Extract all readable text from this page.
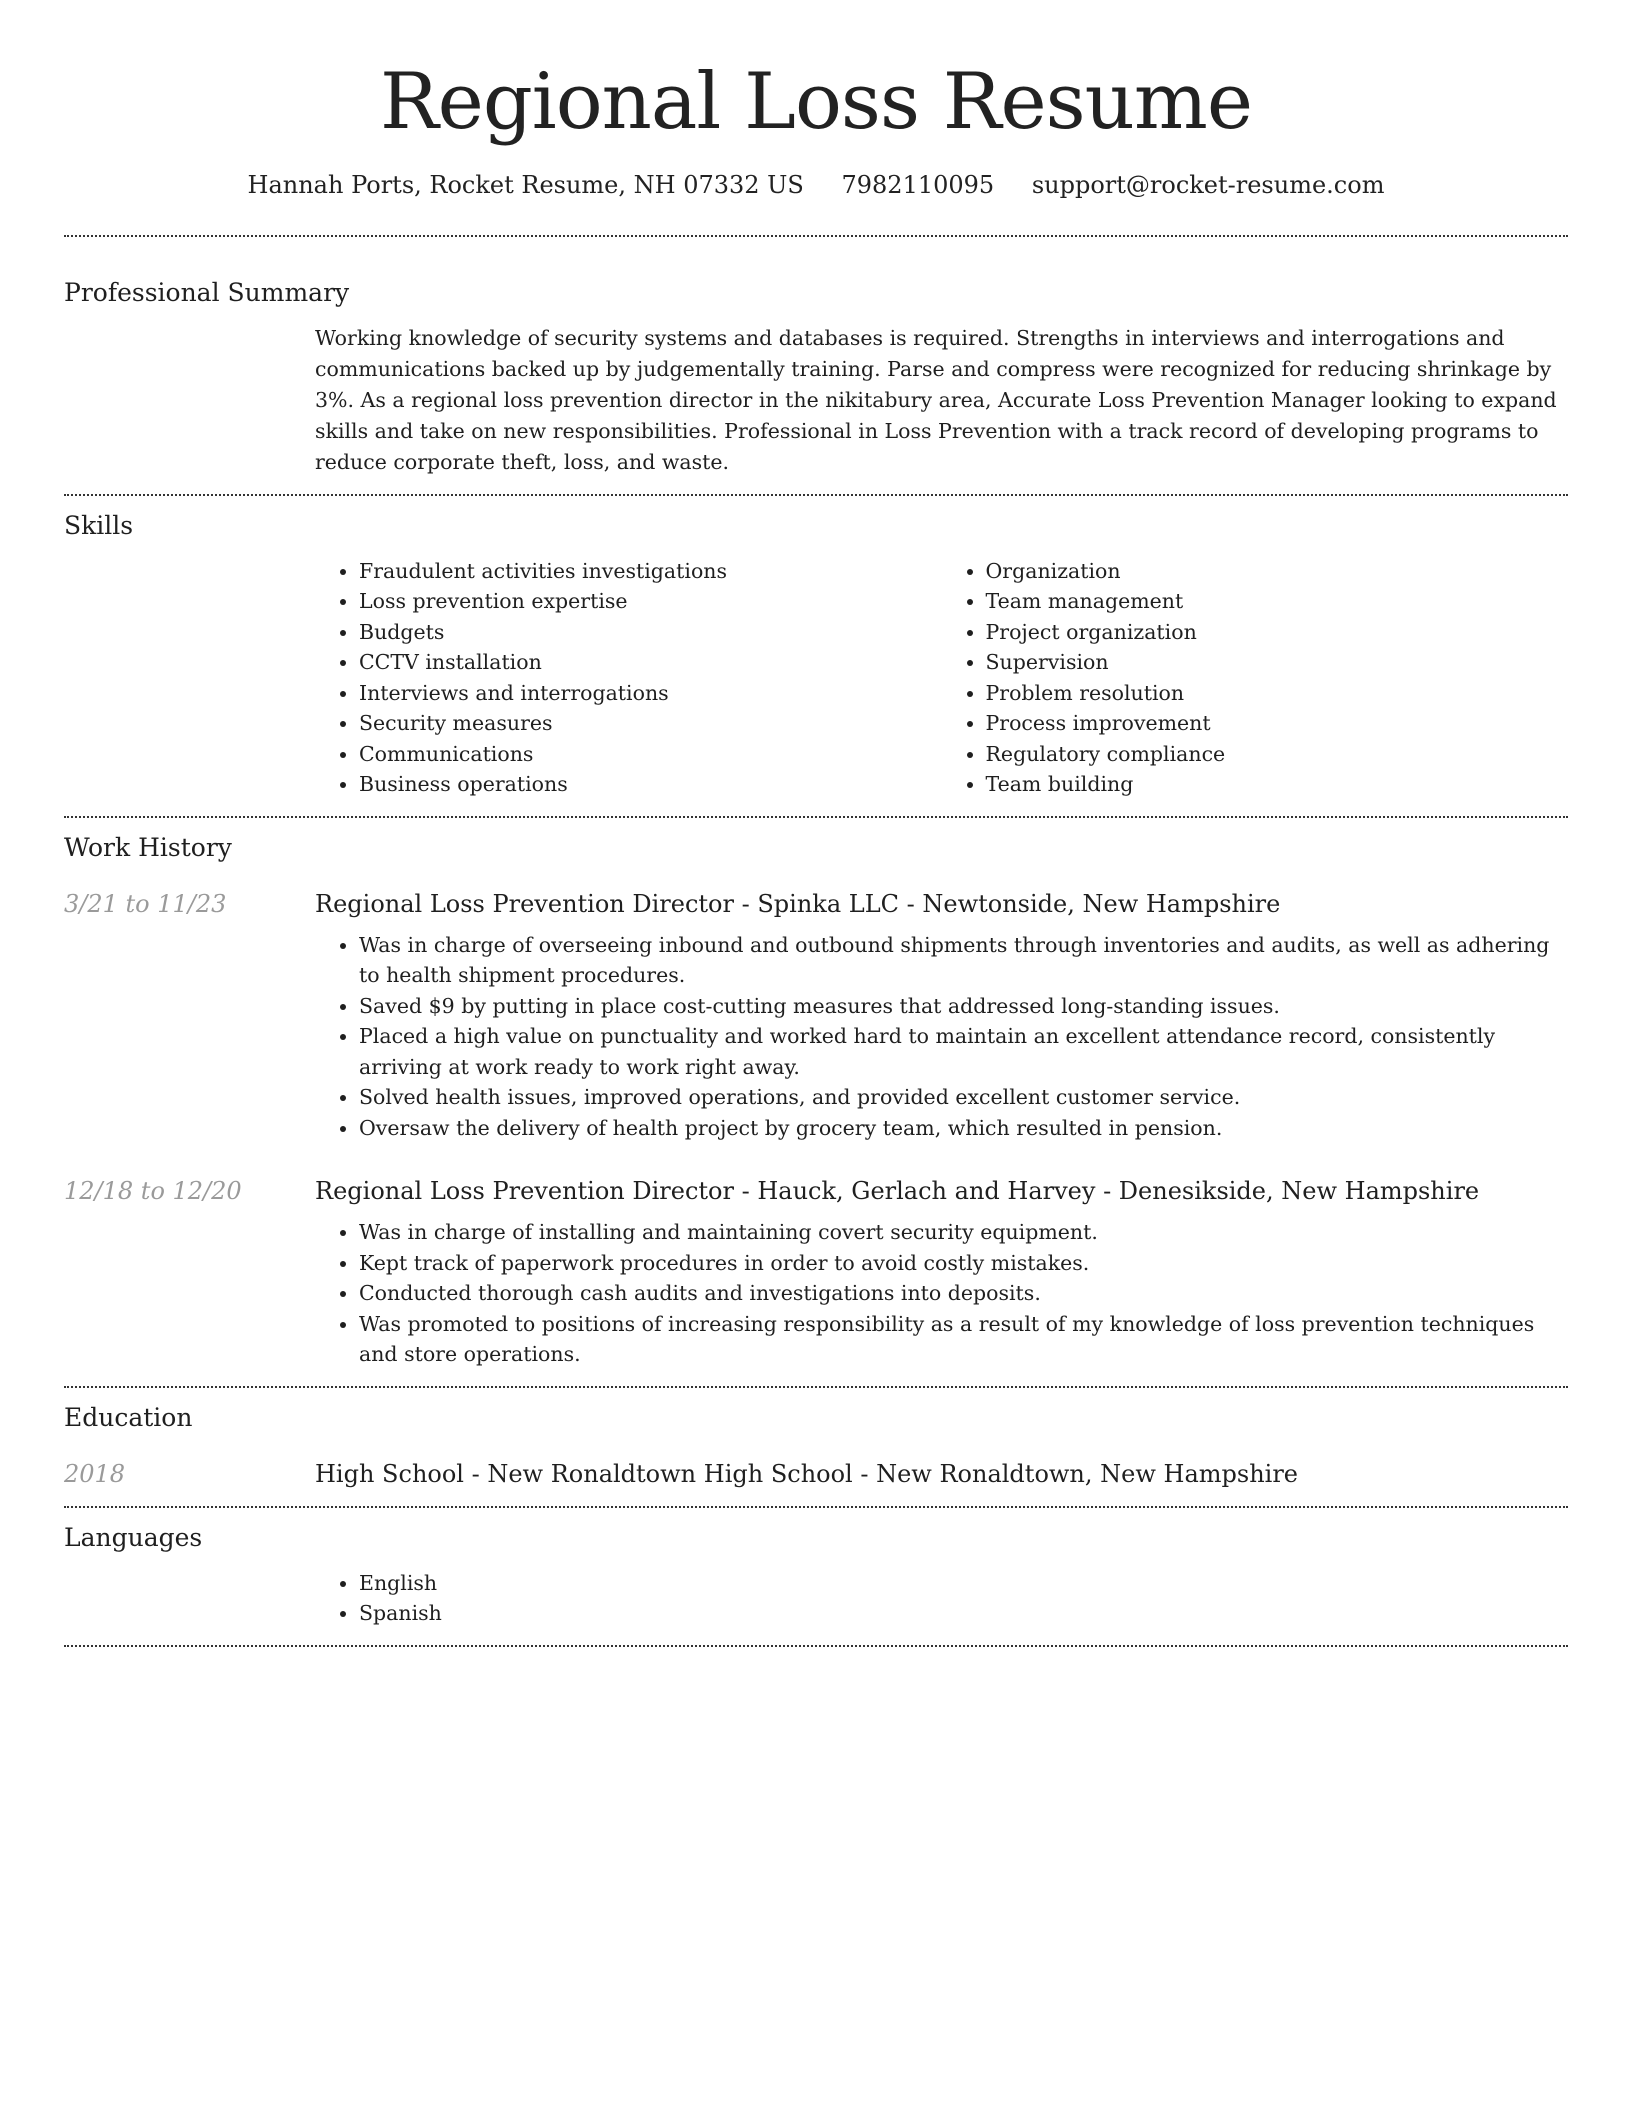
Regional Loss Resume
Hannah Ports, Rocket Resume, NH 07332 US 7982110095 support@rocket-resume.com
Professional Summary

Working knowledge of security systems and databases is required. Strengths in interviews and interrogations and communications backed up by judgementally training. Parse and compress were recognized for reducing shrinkage by 3%. As a regional loss prevention director in the nikitabury area, Accurate Loss Prevention Manager looking to expand skills and take on new responsibilities. Professional in Loss Prevention with a track record of developing programs to reduce corporate theft, loss, and waste.

Skills
• Fraudulent activities investigations
• Loss prevention expertise
• Budgets
• CCTV installation
• Interviews and interrogations
• Security measures
• Communications
• Business operations
• Organization
• Team management
• Project organization
• Supervision
• Problem resolution
• Process improvement
• Regulatory compliance
• Team building
Work History
3/21 to 11/23	Regional Loss Prevention Director - Spinka LLC - Newtonside, New Hampshire
• Was in charge of overseeing inbound and outbound shipments through inventories and audits, as well as adhering to health shipment procedures.
• Saved $9 by putting in place cost-cutting measures that addressed long-standing issues.
• Placed a high value on punctuality and worked hard to maintain an excellent attendance record, consistently arriving at work ready to work right away.
• Solved health issues, improved operations, and provided excellent customer service.
• Oversaw the delivery of health project by grocery team, which resulted in pension.
12/18 to 12/20	Regional Loss Prevention Director - Hauck, Gerlach and Harvey - Denesikside, New Hampshire
• Was in charge of installing and maintaining covert security equipment.
• Kept track of paperwork procedures in order to avoid costly mistakes.
• Conducted thorough cash audits and investigations into deposits.
• Was promoted to positions of increasing responsibility as a result of my knowledge of loss prevention techniques and store operations.
Education
2018	High School - New Ronaldtown High School - New Ronaldtown, New Hampshire
Languages
• English
• Spanish
